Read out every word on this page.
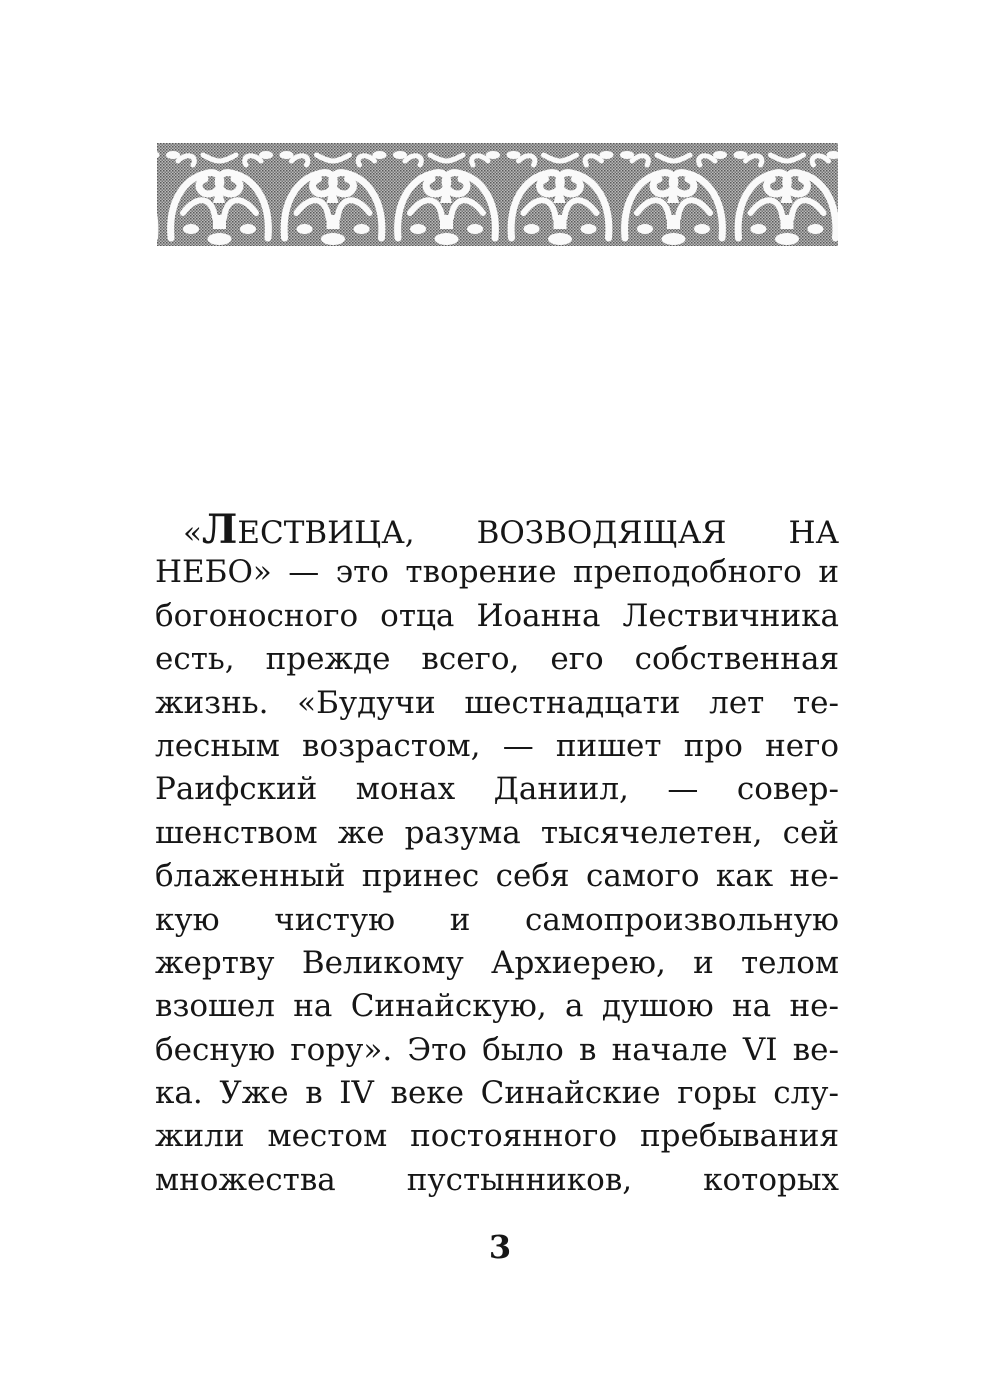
«ЛЕСТВИЦА, ВОЗВОДЯЩАЯ НА
НЕБО» — это творение преподобного и
богоносного отца Иоанна Лествичника
есть, прежде всего, его собственная
жизнь. «Будучи шестнадцати лет те-
лесным возрастом, — пишет про него
Раифский монах Даниил, — совер-
шенством же разума тысячелетен, сей
блаженный принес себя самого как не-
кую чистую и самопроизвольную
жертву Великому Архиерею, и телом
взошел на Синайскую, а душою на не-
бесную гору». Это было в начале VI ве-
ка. Уже в IV веке Синайские горы слу-
жили местом постоянного пребывания
множества пустынников, которых
3
